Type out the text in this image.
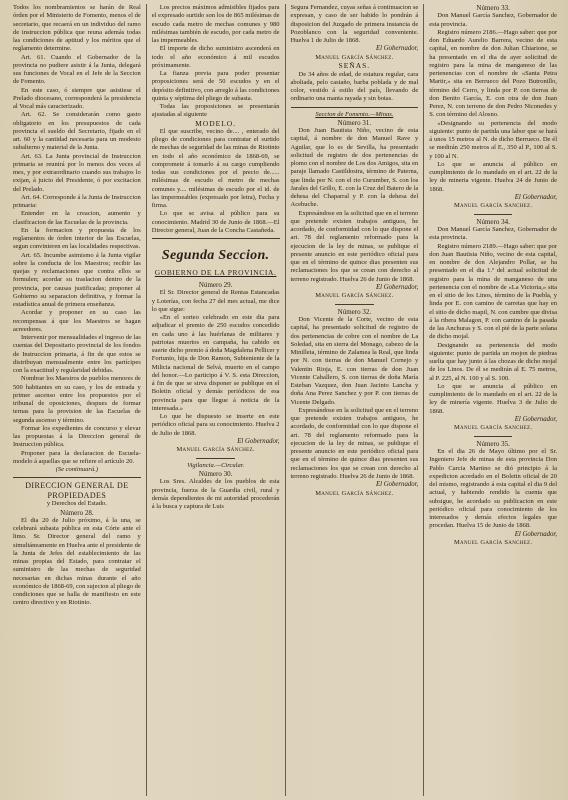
Todos los nombramientos se harán de Real órden por el Ministerio de Fomento, menos el de secretario, que recaerá en un individuo del ramo de instruccion pública que reuna además todas las condiciones de aptitud y los méritos que el reglamento determine.

Art. 61. Cuando el Gobernador de la provincia no pudiere asistir á la Junta, delegará sus funciones de Vocal en el Jefe de la Seccion de Fomento.

En este caso, ó siempre que asistiese el Prelado diocesano, corresponderá la presidencia al Vocal más caracterizado.

Art. 62. Se considerarán como gasto obligatorio en los presupuestos de cada provincia el sueldo del Secretario, fijado en el art. 60 y la cantidad necesaria para un modesto subalterno y material de la Junta.

Art. 63. La Junta provincial de Instruccion primaria se reunirá por lo menos dos veces al mes, y por extraordinario cuando sus trabajos lo exijan, á juicio del Presidente, ó por excitacion del Prelado.

Art. 64. Corresponde á la Junta de Instruccion primaria:

Entender en la creacion, aumento y clasificacion de las Escuelas de la provincia.

En la formacion y propuesta de los reglamentos de órden interior de las Escuelas, segun convinieren en las localidades respectivas.

Art. 65. Incumbe asimismo á la Junta vigilar sobre la conducta de los Maestros; recibir las quejas y reclamaciones que contra ellos se formulen; acordar su traslacion dentro de la provincia, por causas justificadas; proponer al Gobierno su separacion definitiva, y formar la estadística anual de primera enseñanza.

Acordar y proponer en su caso las recompensas á que los Maestros se hagan acreedores.

Intervenir por mensualidades el ingreso de las cuentas del Depositario provincial de los fondos de Instruccion primaria, á fin de que estos se distribuyan mensualmente entre los partícipes con la exactitud y regularidad debidas.

Nombrar los Maestros de pueblos menores de 500 habitantes en su caso, y los de entrada y primer ascenso entre los propuestos por el tribunal de oposiciones, despues de formar ternas para la provision de las Escuelas de segunda ascenso y término.

Formar los expedientes de concurso y elevar las propuestas á la Direccion general de Instruccion pública.

Proponer para la declaracion de Escuela-modelo á aquellas que se refiere el artículo 20.

(Se continuará.)

DIRECCION GENERAL DE PROPIEDADES

y Derechos del Estado.

Número 28.

El dia 20 de Julio próximo, á la una, se celebrará subasta pública en esta Córte ante el limo. Sr. Director general del ramo y simultáneamente en Huelva ante el presidente de la Junta de Jefes del establecimiento de las minas propias del Estado, para contratar el suministro de las mechas de seguridad necesarias en dichas minas durante el año económico de 1868-69, con sujecion al pliego de condiciones que se halla de manifiesto en este centro directivo y en Riotinto.

Los precios máximos admisibles fijados para el expresado surtido son los de 865 milésimas de escudo cada metro de mechas comunes y 980 milésimas también de escudo, por cada metro de las impermeables.

El importe de dicho suministro ascenderá en todo el año económico á mil escudos próximamente.

La fianza previa para poder presentar proposiciones será de 50 escudos y en el depósito definitivo, con arreglo á las condiciones quinta y séptima del pliego de subasta.

Todas las proposiciones se presentarán ajustadas al siguiente

MODELO.

El que suscribe, vecino de.... , enterado del pliego de condiciones para contratar el surtido de mechas de seguridad de las minas de Riotinto en todo el año económico de 1868-69, se compromete á tomarlo á su cargo cumpliendo todas sus condiciones por el precio de...... milésimas de escudo el metro de mechas comunes y.... milésimas de escudo por el id. de las impermeables (expresado por letra), Fecha y firma.

Lo que se avisa al público para su conocimiento. Madrid 30 de Junio de 1868.—El Director general, Juan de la Concha Castañeda.

Segunda Seccion.
GOBIERNO DE LA PROVINCIA.

Número 29.

El Sr. Director general de Rentas Estancadas y Loterías, con fecha 27 del mes actual, me dice lo que sigue:

«En el sorteo celebrado en este dia para adjudicar el premio de 250 escudos concedido en cada uno á las huérfanas de militares y patriotas muertos en campaña, ha cabido en suerte dicho premio á doña Magdalena Pellicer y Fortunio, hija de Don Ramon, Subteniente de la Milicia nacional de Selvá, muerto en el campo del honor.—Lo participo á V. S. esta Direccion, á fin de que se sirva disponer se publique en el Boletin oficial y demás periódicos de esa provincia para que llegue á noticia de la interesada.»

Lo que he dispuesto se inserte en este periódico oficial para su conocimiento. Huelva 2 de Julio de 1868.

El Gobernador,

Manuel García Sánchez.

Vigilancia.—Circular.

Número 30.

Los Sres. Alcaldes de los pueblos de esta provincia, fuerza de la Guardia civil, rural y demás dependientes de mi autoridad procederán á la busca y captura de Luis

Segura Fernandez, cuyas señas á continuacion se expresan, y caso de ser habido lo pondrán á disposicion del Juzgado de primera instancia de Pozoblanco con la seguridad conveniente. Huelva 1 de Julio de 1868.

El Gobernador,

Manuel García Sánchez.

SEÑAS.

De 34 años de edad, de estatura regular, cara aboliada, pelo castaño, barba poblada y de mal color, vestido á estilo del país, llevando de ordinario una manta rayada y sin botas.

Seccion de Fomento.—Minas.

Número 31.

Don Juan Bautista Niño, vecino de esta capital, á nombre de don Manuel Rave y Aguilar, que lo es de Sevilla, ha presentado solicitud de registro de dos pertenencias de plomo con el nombre de Los dos Amigos, sita en paraje llamado Castildostra, término de Paterna, que linda por N. con el rio Curumber, S. con los Jarales del Grillo, E. con la Cruz del Batero de la dehesa del Chaparral y P. con la dehesa del Acebuche.

Expresándose en la solicitud que en el terreno que pretende existen trabajos antiguos, he acordado, de conformidad con lo que dispone el art. 78 del reglamento reformado para la ejecucion de la ley de minas, se publique el presente anuncio en este periódico oficial para que en el término de quince dias presenten sus reclamaciones los que se crean con derecho al terreno registrado. Huelva 26 de Junio de 1868.

El Gobernador,

Manuel García Sánchez.

Número 32.

Don Vicente de la Corte, vecino de esta capital, ha presentado solicitud de registro de dos pertenencias de cobre con el nombre de La Soledad, sita en sierra del Monago, cabezo de la Minilleta, término de Zalamea la Real, que linda por N. con tierras de don Manuel Cornejo y Valentin Rioja, E. con tierras de don Juan Vicente Caballero, S. con tierras de doña María Esteban Vazquez, don Juan Jacinto Lancha y doña Ana Perez Sanchez y por P. con tierras de Vicente Delgado.

Expresándose en la solicitud que en el terreno que pretende existen trabajos antiguos, he acordado, de conformidad con lo que dispone el art. 78 del reglamento reformado para la ejecucion de la ley de minas, se publique el presente anuncio en este periódico oficial para que en el término de quince dias presenten sus reclamaciones los que se crean con derecho al terreno registrado. Huelva 26 de Junio de 1868.

El Gobernador,

Manuel García Sánchez.

Número 33.

Don Manuel García Sanchez, Gobernador de esta provincia.

Registro número 2186.—Hago saber: que por don Eduardo Aurelio Barrera, vecino de esta capital, en nombre de don Julian Chiarione, se ha presentado en el dia de ayer solicitud de registro para la mina de manganeso de las pertenencias con el nombre de «Santa Petra Martir,» sita en Berrueco del Pozo Butronillo, término del Cerro, y linda por P. con tierras de don Benito García, E. con otra de don Juan Perez, N. con terreno de don Pedro Niconedes y S. con término del Alosno.

«Designando su pertenencia del modo siguiente: punto de partida una labor que se hará á unos 15 metros al N. de dicho Berrueco. De él se medirán 250 metros al E., 350 al P., 100 al S. y 100 al N.

Lo que se anuncia al público en cumplimiento de lo mandado en el art. 22 de la ley de mineria vigente. Huelva 24 de Junio de 1868.

El Gobernador,

Manuel García Sanchez.

Número 34.

Don Manuel García Sanchez, Gobernador de esta provincia.

Registro número 2189.—Hago saber: que por don Juan Bautista Niño, vecino de esta capital, en nombre de don Alejandro Pollar, se ha presentado en el dia 1.º del actual solicitud de registro para la mina de manganeso de una pertenencia con el nombre de «La Victoria,» sita en el sitio de los Linos, término de la Puebla, y linda por E. con camino de carretas que hay en el sitio de dicho mapil, N. con cumbre que divisa á la ribera Malagon, P. con camino de la pasada de las Anchuras y S. con el pié de la parte solana de dicho mojal.

Designando su pertenencia del modo siguiente: punto de partida un mojon de piedras suelta que hay junto á las chozas de dicho mojal de los Linos. De él se medirán al E. 75 metros, al P. 225, al N. 100 y al S. 100.

Lo que se anuncia al público en cumplimiento de lo mandado en el art. 22 de la ley de minería vigente. Huelva 3 de Julio de 1868.

El Gobernador,

Manuel García Sanchez.

Número 35.

En el dia 26 de Mayo último por el Sr. Ingeniero Jefe de minas de esta provincia Don Pablo Carcia Martino se dió principio á la expedicion acordado en el Boletin oficial de 20 del mismo, registrando á esta capital el dia 9 del actual, y habiendo rendido la cuenta que subsigue, he acordado su publicacion en este periódico oficial para conocimiento de los interesados y demás efectos legales que procedan. Huelva 15 de Junio de 1868.

El Gobernador,

Manuel García Sanchez.
